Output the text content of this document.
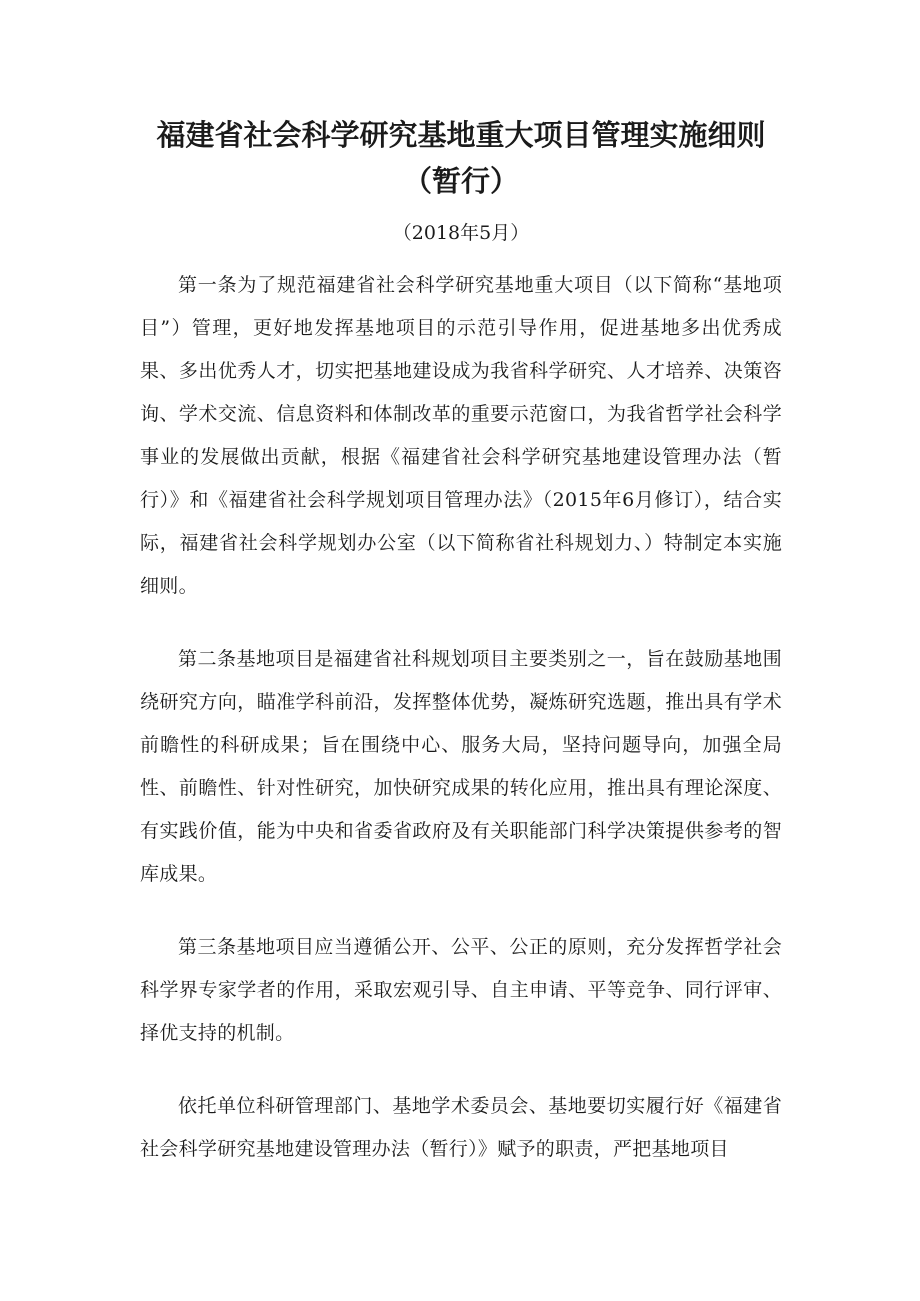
福建省社会科学研究基地重大项目管理实施细则
（暂行）

（2018年5月）

第一条为了规范福建省社会科学研究基地重大项目（以下简称“基地项目”）管理，更好地发挥基地项目的示范引导作用，促进基地多出优秀成果、多出优秀人才，切实把基地建设成为我省科学研究、人才培养、决策咨询、学术交流、信息资料和体制改革的重要示范窗口，为我省哲学社会科学事业的发展做出贡献，根据《福建省社会科学研究基地建设管理办法（暂行）》和《福建省社会科学规划项目管理办法》（2015年6月修订），结合实际，福建省社会科学规划办公室（以下简称省社科规划力、）特制定本实施细则。

第二条基地项目是福建省社科规划项目主要类别之一，旨在鼓励基地围绕研究方向，瞄准学科前沿，发挥整体优势，凝炼研究选题，推出具有学术前瞻性的科研成果；旨在围绕中心、服务大局，坚持问题导向，加强全局性、前瞻性、针对性研究，加快研究成果的转化应用，推出具有理论深度、有实践价值，能为中央和省委省政府及有关职能部门科学决策提供参考的智库成果。

第三条基地项目应当遵循公开、公平、公正的原则，充分发挥哲学社会科学界专家学者的作用，采取宏观引导、自主申请、平等竞争、同行评审、择优支持的机制。

依托单位科研管理部门、基地学术委员会、基地要切实履行好《福建省社会科学研究基地建设管理办法（暂行）》赋予的职责，严把基地项目
